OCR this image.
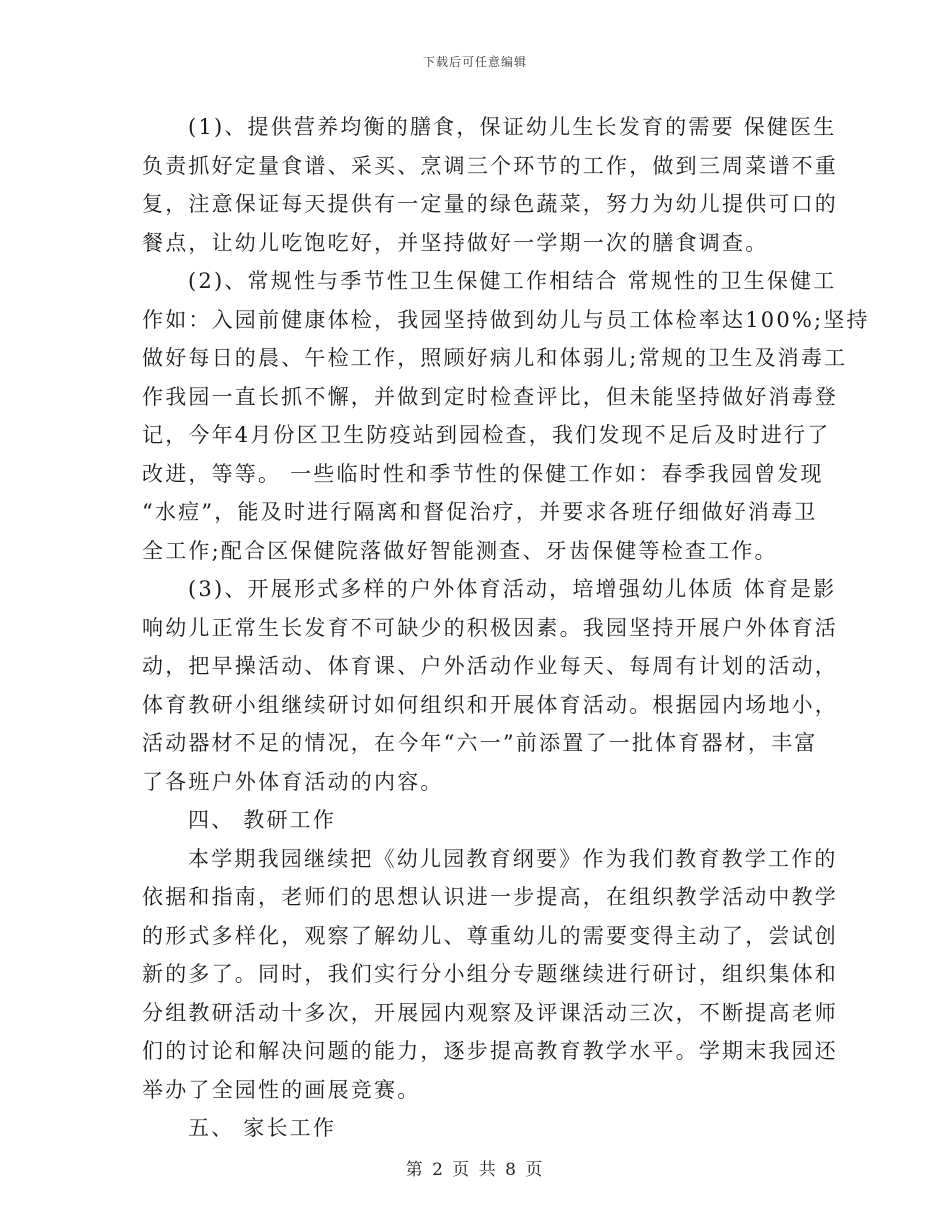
下载后可任意编辑
(1)、提供营养均衡的膳食，保证幼儿生长发育的需要 保健医生
负责抓好定量食谱、采买、烹调三个环节的工作，做到三周菜谱不重
复，注意保证每天提供有一定量的绿色蔬菜，努力为幼儿提供可口的
餐点，让幼儿吃饱吃好，并坚持做好一学期一次的膳食调查。
(2)、常规性与季节性卫生保健工作相结合 常规性的卫生保健工
作如：入园前健康体检，我园坚持做到幼儿与员工体检率达100%;坚持
做好每日的晨、午检工作，照顾好病儿和体弱儿;常规的卫生及消毒工
作我园一直长抓不懈，并做到定时检查评比，但未能坚持做好消毒登
记，今年4月份区卫生防疫站到园检查，我们发现不足后及时进行了
改进，等等。 一些临时性和季节性的保健工作如：春季我园曾发现
“水痘”，能及时进行隔离和督促治疗，并要求各班仔细做好消毒卫
全工作;配合区保健院落做好智能测查、牙齿保健等检查工作。
(3)、开展形式多样的户外体育活动，培增强幼儿体质 体育是影
响幼儿正常生长发育不可缺少的积极因素。我园坚持开展户外体育活
动，把早操活动、体育课、户外活动作业每天、每周有计划的活动，
体育教研小组继续研讨如何组织和开展体育活动。根据园内场地小，
活动器材不足的情况，在今年“六一”前添置了一批体育器材，丰富
了各班户外体育活动的内容。
四、 教研工作
本学期我园继续把《幼儿园教育纲要》作为我们教育教学工作的
依据和指南，老师们的思想认识进一步提高，在组织教学活动中教学
的形式多样化，观察了解幼儿、尊重幼儿的需要变得主动了，尝试创
新的多了。同时，我们实行分小组分专题继续进行研讨，组织集体和
分组教研活动十多次，开展园内观察及评课活动三次，不断提高老师
们的讨论和解决问题的能力，逐步提高教育教学水平。学期末我园还
举办了全园性的画展竞赛。
五、 家长工作
第 2 页 共 8 页
